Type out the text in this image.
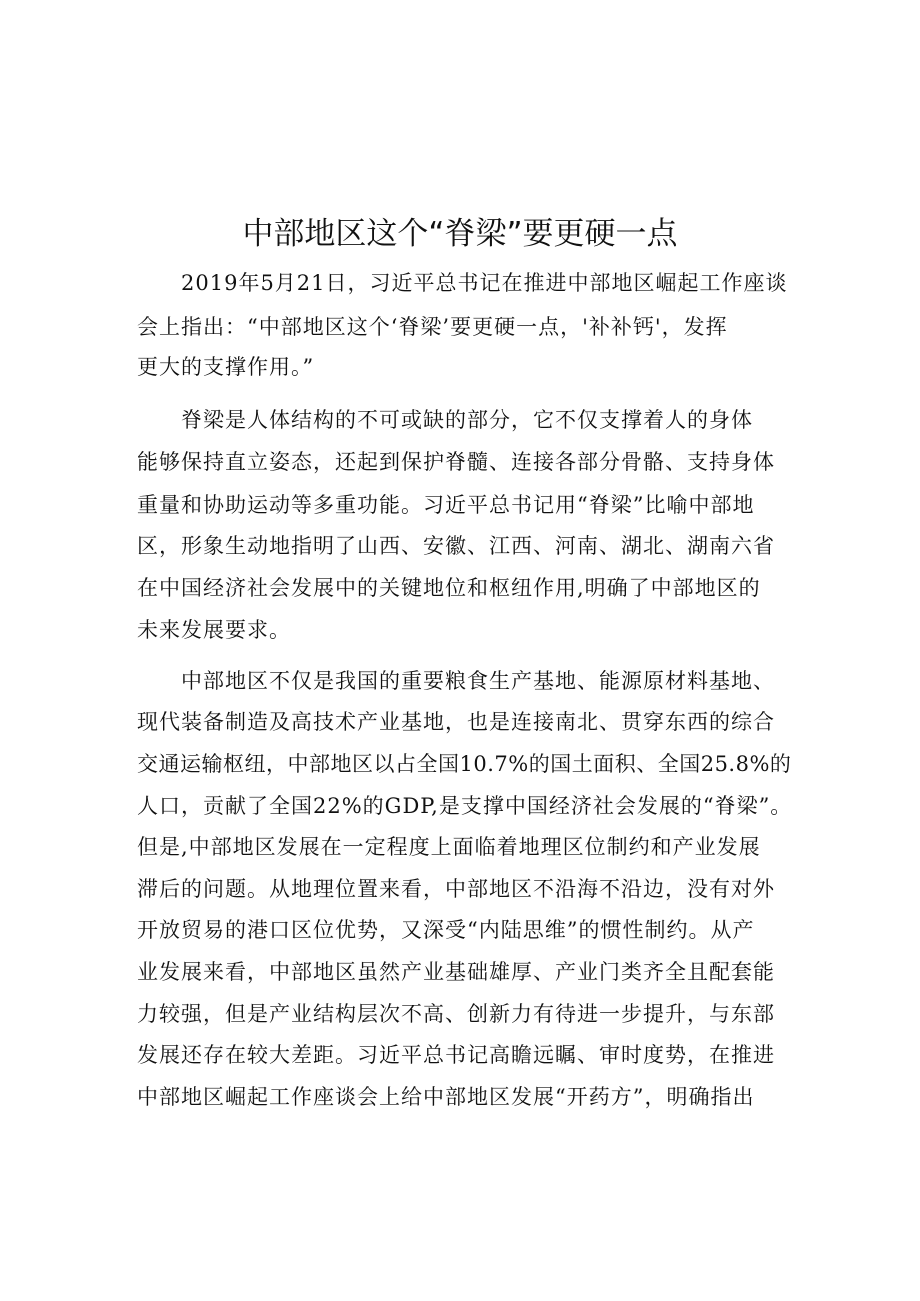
中部地区这个“脊梁”要更硬一点
2019年5月21日，习近平总书记在推进中部地区崛起工作座谈
会上指出：“中部地区这个‘脊梁’要更硬一点，'补补钙'，发挥
更大的支撑作用。”
脊梁是人体结构的不可或缺的部分，它不仅支撑着人的身体
能够保持直立姿态，还起到保护脊髓、连接各部分骨骼、支持身体
重量和协助运动等多重功能。习近平总书记用“脊梁”比喻中部地
区，形象生动地指明了山西、安徽、江西、河南、湖北、湖南六省
在中国经济社会发展中的关键地位和枢纽作用,明确了中部地区的
未来发展要求。
中部地区不仅是我国的重要粮食生产基地、能源原材料基地、
现代装备制造及高技术产业基地，也是连接南北、贯穿东西的综合
交通运输枢纽，中部地区以占全国10.7%的国土面积、全国25.8%的
人口，贡献了全国22%的GDP,是支撑中国经济社会发展的“脊梁”。
但是,中部地区发展在一定程度上面临着地理区位制约和产业发展
滞后的问题。从地理位置来看，中部地区不沿海不沿边，没有对外
开放贸易的港口区位优势，又深受“内陆思维”的惯性制约。从产
业发展来看，中部地区虽然产业基础雄厚、产业门类齐全且配套能
力较强，但是产业结构层次不高、创新力有待进一步提升，与东部
发展还存在较大差距。习近平总书记高瞻远瞩、审时度势，在推进
中部地区崛起工作座谈会上给中部地区发展“开药方”，明确指出
